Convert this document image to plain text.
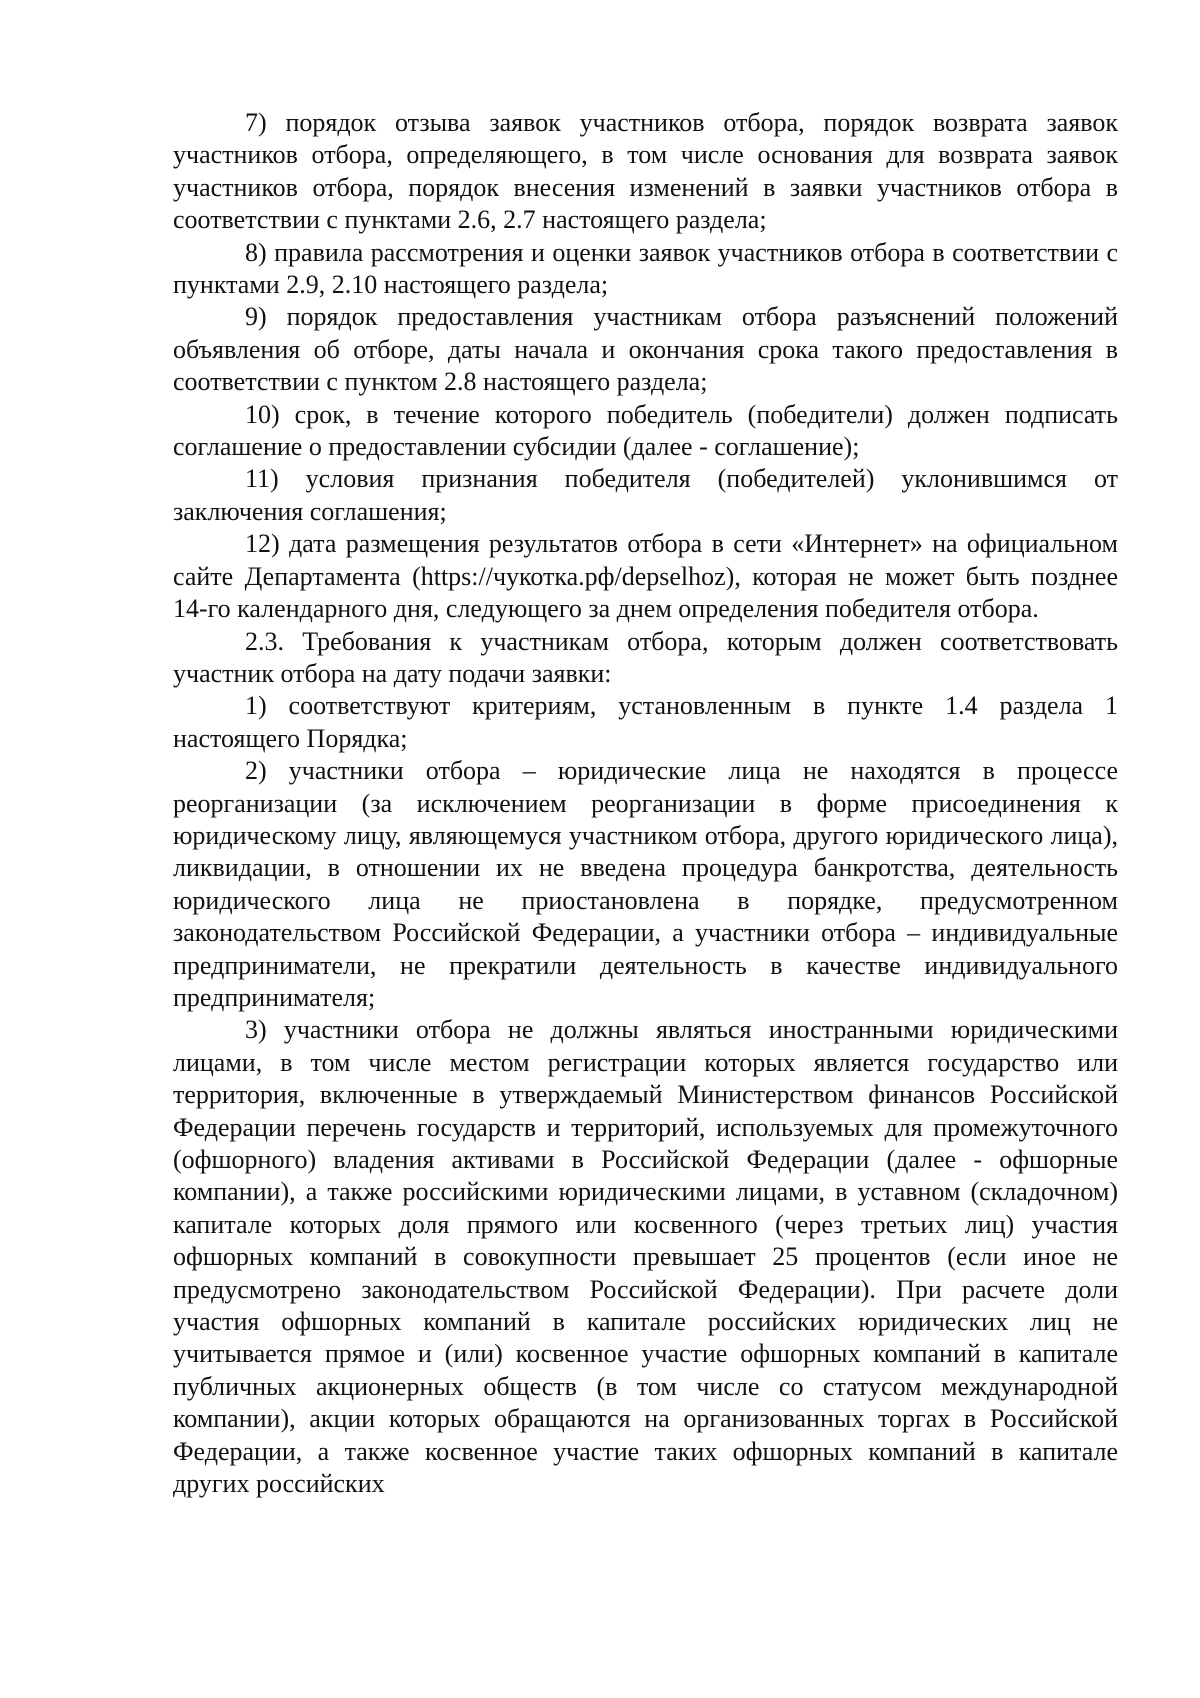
7) порядок отзыва заявок участников отбора, порядок возврата заявок участников отбора, определяющего, в том числе основания для возврата заявок участников отбора, порядок внесения изменений в заявки участников отбора в соответствии с пунктами 2.6, 2.7 настоящего раздела;

8) правила рассмотрения и оценки заявок участников отбора в соответствии с пунктами 2.9, 2.10 настоящего раздела;

9) порядок предоставления участникам отбора разъяснений положений объявления об отборе, даты начала и окончания срока такого предоставления в соответствии с пунктом 2.8 настоящего раздела;

10) срок, в течение которого победитель (победители) должен подписать соглашение о предоставлении субсидии (далее - соглашение);

11) условия признания победителя (победителей) уклонившимся от заключения соглашения;

12) дата размещения результатов отбора в сети «Интернет» на официальном сайте Департамента (https://чукотка.рф/depselhoz), которая не может быть позднее 14-го календарного дня, следующего за днем определения победителя отбора.

2.3. Требования к участникам отбора, которым должен соответствовать участник отбора на дату подачи заявки:

1) соответствуют критериям, установленным в пункте 1.4 раздела 1 настоящего Порядка;

2) участники отбора – юридические лица не находятся в процессе реорганизации (за исключением реорганизации в форме присоединения к юридическому лицу, являющемуся участником отбора, другого юридического лица), ликвидации, в отношении их не введена процедура банкротства, деятельность юридического лица не приостановлена в порядке, предусмотренном законодательством Российской Федерации, а участники отбора – индивидуальные предприниматели, не прекратили деятельность в качестве индивидуального предпринимателя;

3) участники отбора не должны являться иностранными юридическими лицами, в том числе местом регистрации которых является государство или территория, включенные в утверждаемый Министерством финансов Российской Федерации перечень государств и территорий, используемых для промежуточного (офшорного) владения активами в Российской Федерации (далее - офшорные компании), а также российскими юридическими лицами, в уставном (складочном) капитале которых доля прямого или косвенного (через третьих лиц) участия офшорных компаний в совокупности превышает 25 процентов (если иное не предусмотрено законодательством Российской Федерации). При расчете доли участия офшорных компаний в капитале российских юридических лиц не учитывается прямое и (или) косвенное участие офшорных компаний в капитале публичных акционерных обществ (в том числе со статусом международной компании), акции которых обращаются на организованных торгах в Российской Федерации, а также косвенное участие таких офшорных компаний в капитале других российских
